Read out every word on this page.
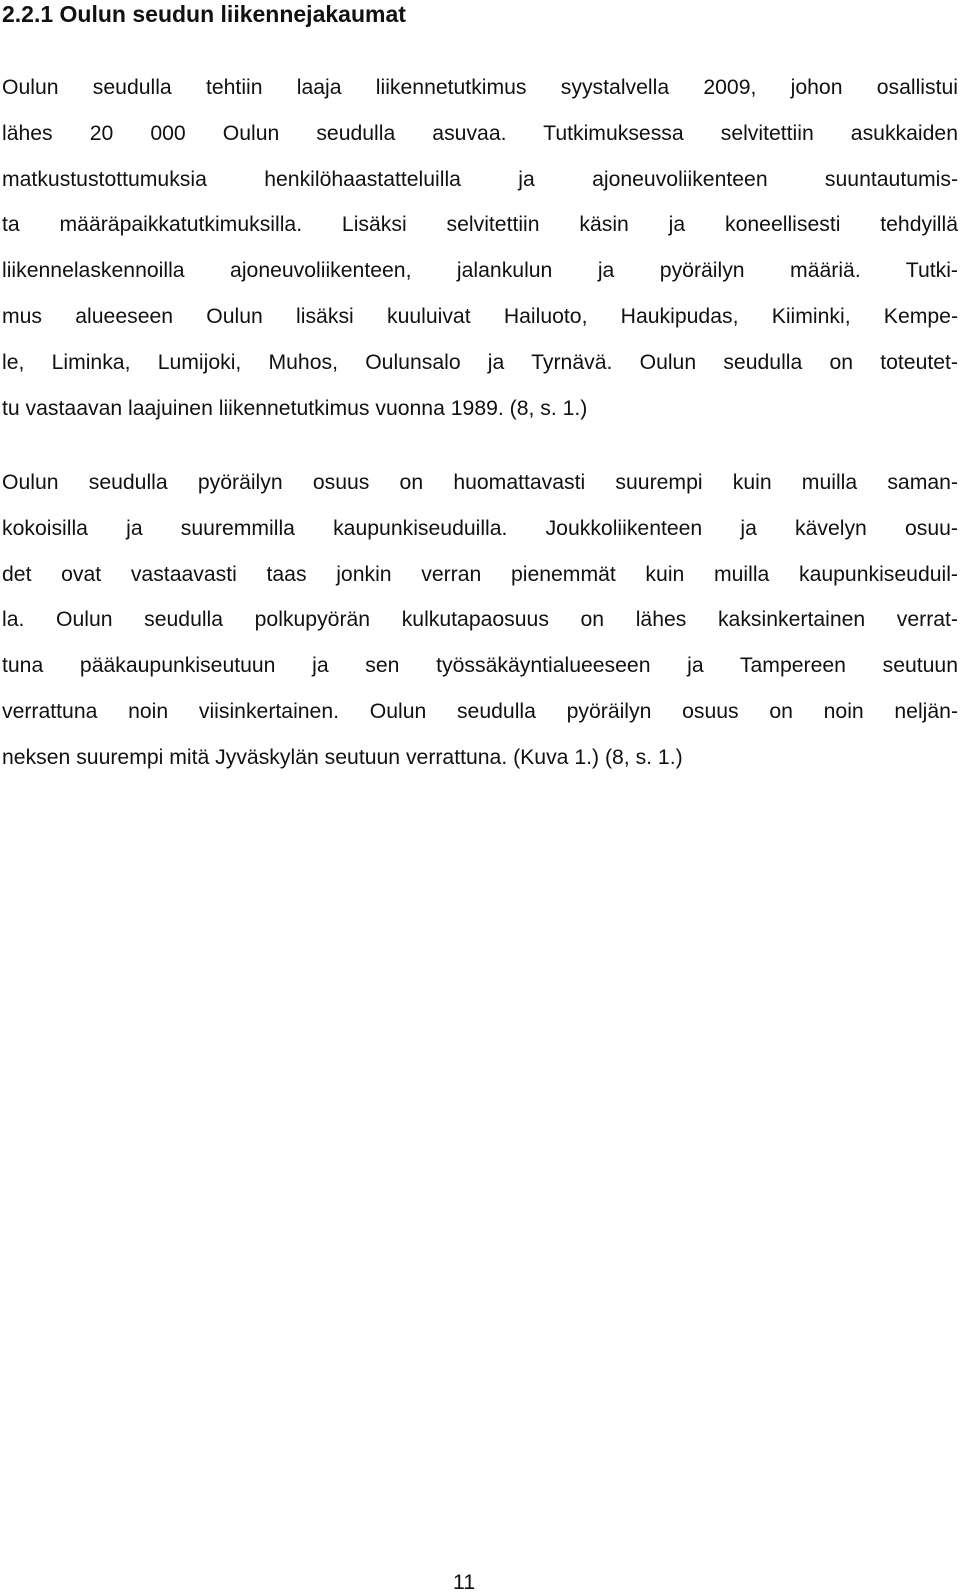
2.2.1 Oulun seudun liikennejakaumat

Oulun seudulla tehtiin laaja liikennetutkimus syystalvella 2009, johon osallistui
lähes 20 000 Oulun seudulla asuvaa. Tutkimuksessa selvitettiin asukkaiden
matkustustottumuksia henkilöhaastatteluilla ja ajoneuvoliikenteen suuntautumis-
ta määräpaikkatutkimuksilla. Lisäksi selvitettiin käsin ja koneellisesti tehdyillä
liikennelaskennoilla ajoneuvoliikenteen, jalankulun ja pyöräilyn määriä. Tutki-
mus alueeseen Oulun lisäksi kuuluivat Hailuoto, Haukipudas, Kiiminki, Kempe-
le, Liminka, Lumijoki, Muhos, Oulunsalo ja Tyrnävä. Oulun seudulla on toteutet-
tu vastaavan laajuinen liikennetutkimus vuonna 1989. (8, s. 1.)

Oulun seudulla pyöräilyn osuus on huomattavasti suurempi kuin muilla saman-
kokoisilla ja suuremmilla kaupunkiseuduilla. Joukkoliikenteen ja kävelyn osuu-
det ovat vastaavasti taas jonkin verran pienemmät kuin muilla kaupunkiseuduil-
la. Oulun seudulla polkupyörän kulkutapaosuus on lähes kaksinkertainen verrat-
tuna pääkaupunkiseutuun ja sen työssäkäyntialueeseen ja Tampereen seutuun
verrattuna noin viisinkertainen. Oulun seudulla pyöräilyn osuus on noin neljän-
neksen suurempi mitä Jyväskylän seutuun verrattuna. (Kuva 1.) (8, s. 1.)

11
